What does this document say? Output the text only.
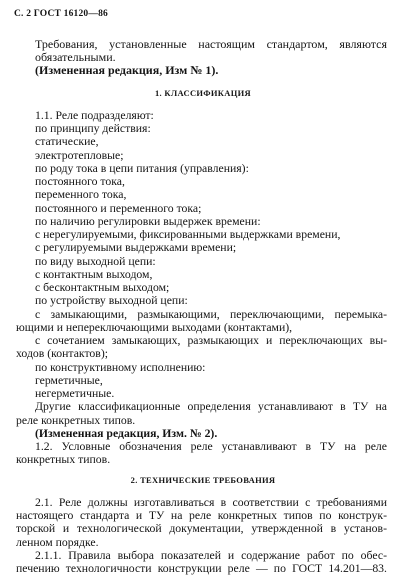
С. 2 ГОСТ 16120—86
Требования, установленные настоящим стандартом, являются
обязательными.
(Измененная редакция, Изм № 1).
1. КЛАССИФИКАЦИЯ
1.1. Реле подразделяют:
по принципу действия:
статические,
электротепловые;
по роду тока в цепи питания (управления):
постоянного тока,
переменного тока,
постоянного и переменного тока;
по наличию регулировки выдержек времени:
с нерегулируемыми, фиксированными выдержками времени,
с регулируемыми выдержками времени;
по виду выходной цепи:
с контактным выходом,
с бесконтактным выходом;
по устройству выходной цепи:
с замыкающими, размыкающими, переключающими, перемыка-
ющими и непереключающими выходами (контактами),
с сочетанием замыкающих, размыкающих и переключающих вы-
ходов (контактов);
по конструктивному исполнению:
герметичные,
негерметичные.
Другие классификационные определения устанавливают в ТУ на
реле конкретных типов.
(Измененная редакция, Изм. № 2).
1.2. Условные обозначения реле устанавливают в ТУ на реле
конкретных типов.
2. ТЕХНИЧЕСКИЕ ТРЕБОВАНИЯ
2.1. Реле должны изготавливаться в соответствии с требованиями
настоящего стандарта и ТУ на реле конкретных типов по конструк-
торской и технологической документации, утвержденной в установ-
ленном порядке.
2.1.1. Правила выбора показателей и содержание работ по обес-
печению технологичности конструкции реле — по ГОСТ 14.201—83.
